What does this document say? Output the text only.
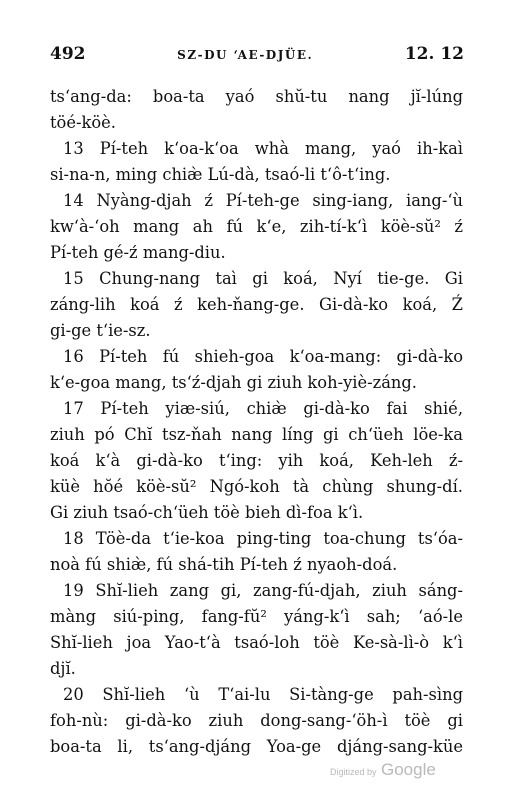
492	SZ-DU ‘AE-DJÜE.	12. 12
ts‘ang-da: boa-ta yaó shŭ-tu nang jĭ-lúng
töé-köè.
13 Pí-teh k‘oa-k‘oa whà mang, yaó ih-kaì
si-na-n, ming chiæ̀ Lú-dà, tsaó-li t‘ô-t‘ing.
14 Nyàng-djah ź Pí-teh-ge sing-iang, iang-‘ù
kw‘à-‘oh mang ah fú k‘e, zih-tí-k‘ì köè-sŭ² ź
Pí-teh gé-ź mang-diu.
15 Chung-nang taì gi koá, Nyí tie-ge. Gi
záng-lih koá ź keh-ňang-ge. Gi-dà-ko koá, Ź
gi-ge t‘ie-sz.
16 Pí-teh fú shieh-goa k‘oa-mang: gi-dà-ko
k‘e-goa mang, ts‘ź-djah gi ziuh koh-yiè-záng.
17 Pí-teh yiæ-siú, chiæ̀ gi-dà-ko fai shié,
ziuh pó Chĭ tsz-ňah nang líng gi ch‘üeh löe-ka
koá k‘à gi-dà-ko t‘ing: yih koá, Keh-leh ź-
küè hŏé köè-sŭ² Ngó-koh tà chùng shung-dí.
Gi ziuh tsaó-ch‘üeh töè bieh dì-foa k‘ì.
18 Töè-da t‘ie-koa ping-ting toa-chung ts‘óa-
noà fú shiæ̀, fú shá-tih Pí-teh ź nyaoh-doá.
19 Shĭ-lieh zang gi, zang-fú-djah, ziuh sáng-
màng siú-ping, fang-fŭ² yáng-k‘ì sah; ‘aó-le
Shĭ-lieh joa Yao-t‘à tsaó-loh töè Ke-sà-lì-ò k‘ì
djĭ.
20 Shĭ-lieh ‘ù T‘ai-lu Si-tàng-ge pah-sìng
foh-nù: gi-dà-ko ziuh dong-sang-‘öh-ì töè gi
boa-ta li, ts‘ang-djáng Yoa-ge djáng-sang-küe
Digitized by Google
